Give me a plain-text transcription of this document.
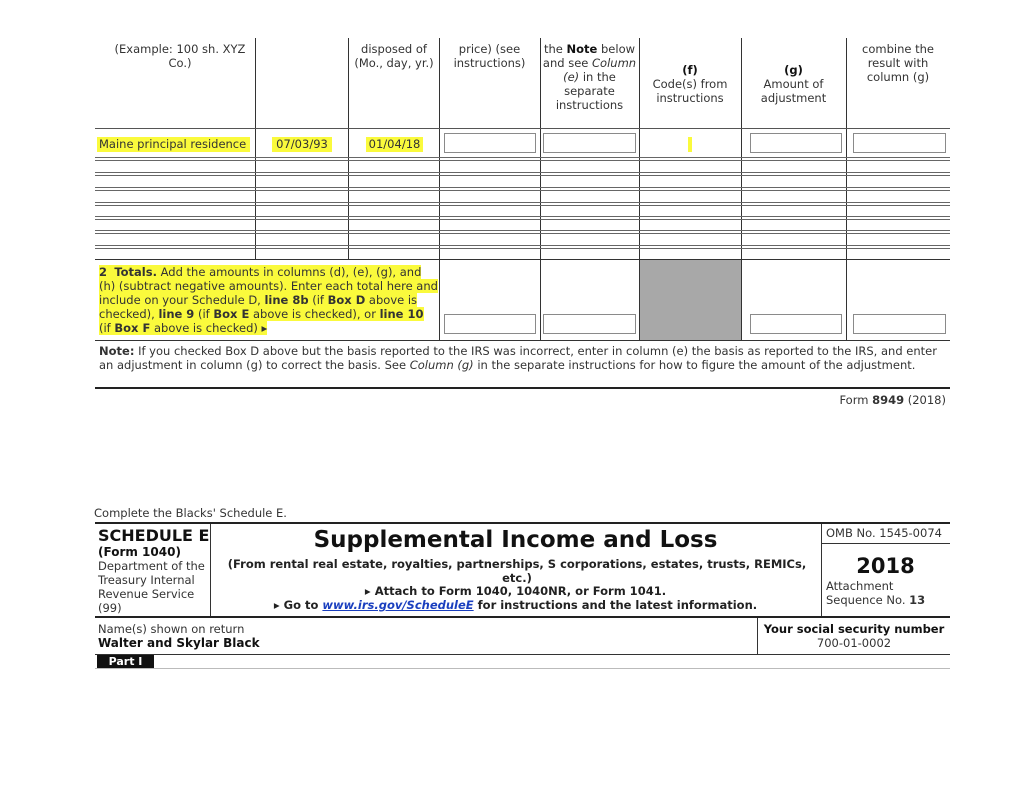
(Example: 100 sh. XYZ Co.)
disposed of (Mo., day, yr.)
price) (see instructions)
the Note below and see Column (e) in the separate instructions
(f)
Code(s) from instructions
(g)
Amount of adjustment
combine the result with column (g)
Maine principal residence	07/03/93	01/04/18
2 Totals. Add the amounts in columns (d), (e), (g), and (h) (subtract negative amounts). Enter each total here and include on your Schedule D, line 8b (if Box D above is checked), line 9 (if Box E above is checked), or line 10 (if Box F above is checked) ▸
Note: If you checked Box D above but the basis reported to the IRS was incorrect, enter in column (e) the basis as reported to the IRS, and enter an adjustment in column (g) to correct the basis. See Column (g) in the separate instructions for how to figure the amount of the adjustment.
Form 8949 (2018)
Complete the Blacks' Schedule E.
SCHEDULE E
(Form 1040)
Department of the Treasury Internal Revenue Service (99)
Supplemental Income and Loss
(From rental real estate, royalties, partnerships, S corporations, estates, trusts, REMICs, etc.)
▸ Attach to Form 1040, 1040NR, or Form 1041.
▸ Go to www.irs.gov/ScheduleE for instructions and the latest information.
OMB No. 1545-0074
2018
Attachment Sequence No. 13
Name(s) shown on return
Walter and Skylar Black
Your social security number
700-01-0002
Part I
